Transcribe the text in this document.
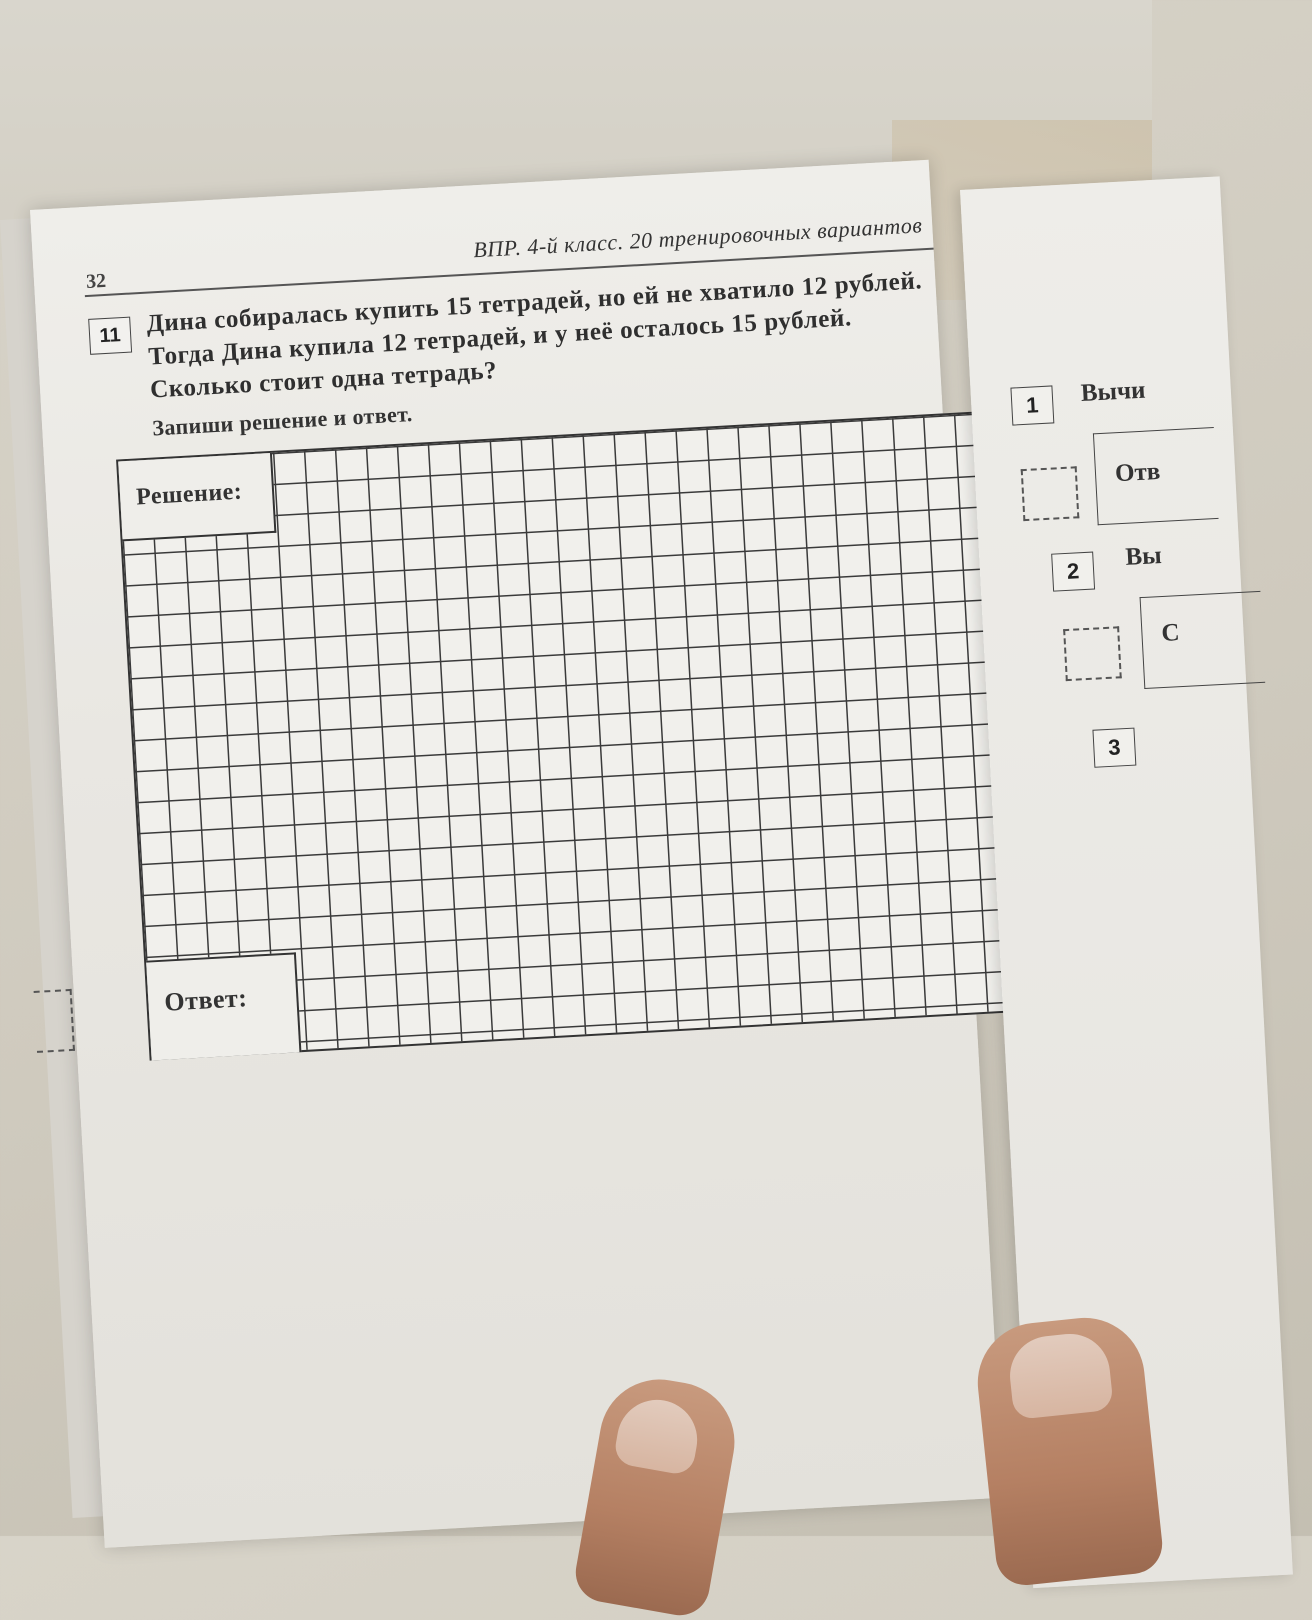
ВПР. 4-й класс. 20 тренировочных вариантов
32
11 Дина собиралась купить 15 тетрадей, но ей не хватило 12 рублей. Тогда Дина купила 12 тетрадей, и у неё осталось 15 рублей. Сколько стоит одна тетрадь?
Запиши решение и ответ.
Решение:
Ответ:
1	Вычи
Отв
2
Вы
С
3
